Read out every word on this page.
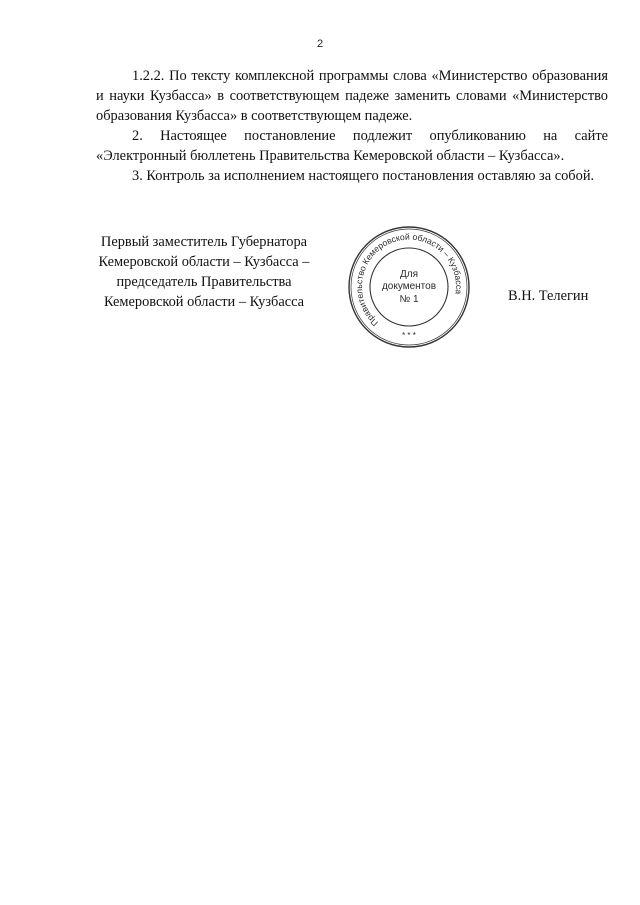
2

1.2.2. По тексту комплексной программы слова «Министерство образования и науки Кузбасса» в соответствующем падеже заменить словами «Министерство образования Кузбасса» в соответствующем падеже.

2. Настоящее постановление подлежит опубликованию на сайте «Электронный бюллетень Правительства Кемеровской области – Кузбасса».

3. Контроль за исполнением настоящего постановления оставляю за собой.

Первый заместитель Губернатора
Кемеровской области – Кузбасса –
председатель Правительства
Кемеровской области – Кузбасса
Правительство Кемеровской области – Кузбасса
* * *
Для
документов
№ 1	В.Н. Телегин
